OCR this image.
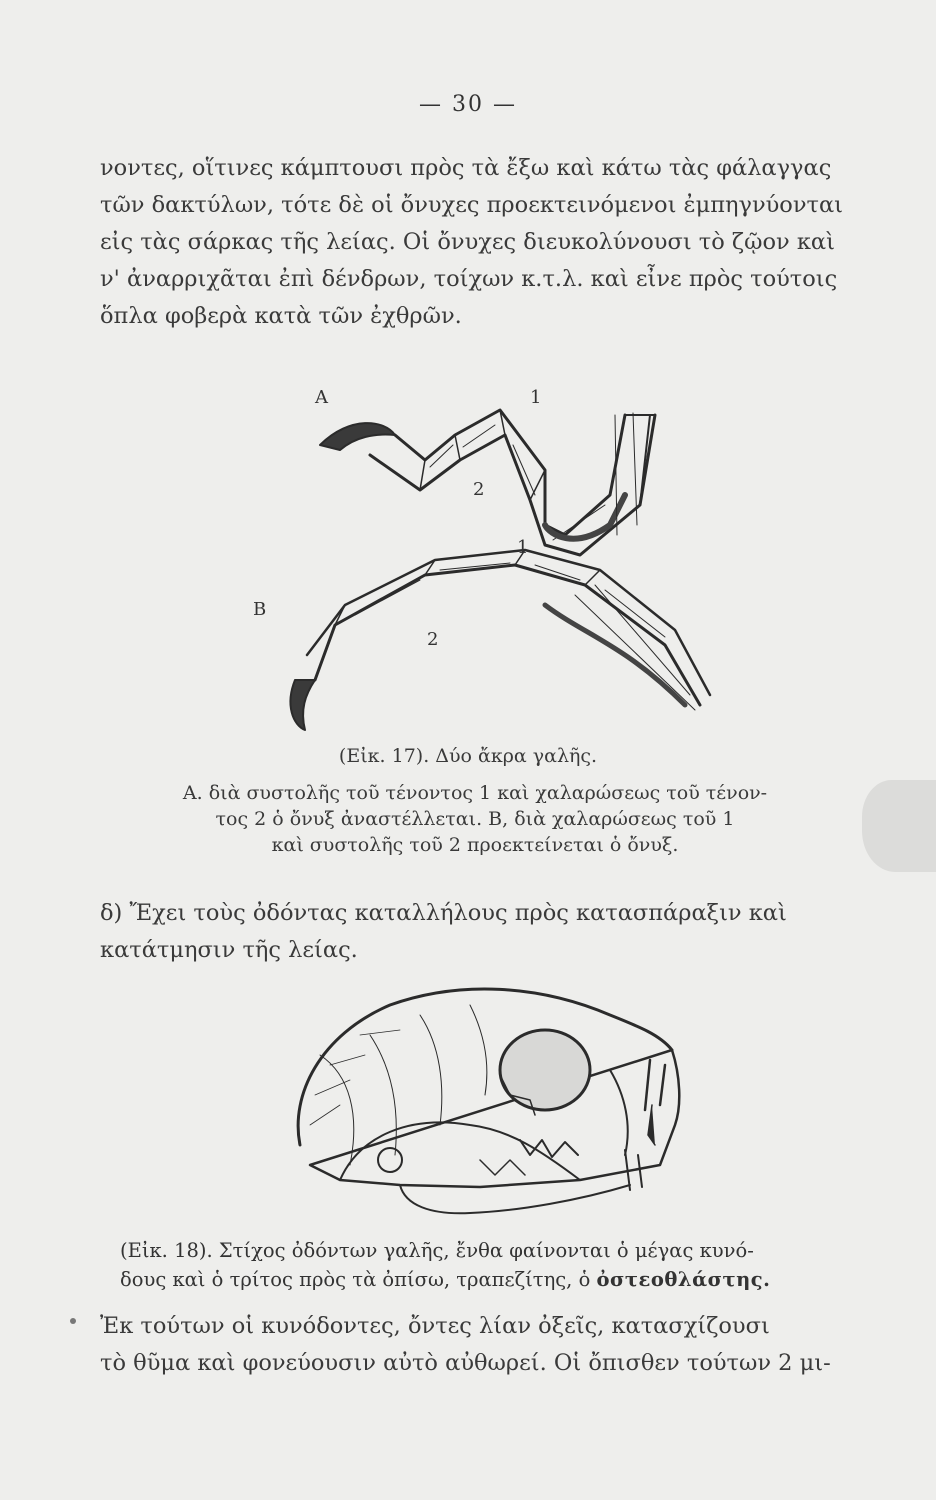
— 30 —
νοντες, οἵτινες κάμπτουσι πρὸς τὰ ἔξω καὶ κάτω τὰς φάλαγγας
τῶν δακτύλων, τότε δὲ οἱ ὄνυχες προεκτεινόμενοι ἐμπηγνύονται
εἰς τὰς σάρκας τῆς λείας. Οἱ ὄνυχες διευκολύνουσι τὸ ζῷον καὶ
ν' ἀναρριχᾶται ἐπὶ δένδρων, τοίχων κ.τ.λ. καὶ εἶνε πρὸς τούτοις
ὅπλα φοβερὰ κατὰ τῶν ἐχθρῶν.
A	1
2
1
B
2
(Εἰκ. 17). Δύο ἄκρα γαλῆς.
Α. διὰ συστολῆς τοῦ τένοντος 1 καὶ χαλαρώσεως τοῦ τένον-
τος 2 ὁ ὄνυξ ἀναστέλλεται. Β, διὰ χαλαρώσεως τοῦ 1
καὶ συστολῆς τοῦ 2 προεκτείνεται ὁ ὄνυξ.
δ) Ἔχει τοὺς ὀδόντας καταλλήλους πρὸς κατασπάραξιν καὶ
κατάτμησιν τῆς λείας.
(Εἰκ. 18). Στίχος ὀδόντων γαλῆς, ἔνθα φαίνονται ὁ μέγας κυνό-
δους καὶ ὁ τρίτος πρὸς τὰ ὀπίσω, τραπεζίτης, ὁ ὀστεοθλάστης.
Ἐκ τούτων οἱ κυνόδοντες, ὄντες λίαν ὀξεῖς, κατασχίζουσι
τὸ θῦμα καὶ φονεύουσιν αὐτὸ αὐθωρεί. Οἱ ὄπισθεν τούτων 2 μι-
